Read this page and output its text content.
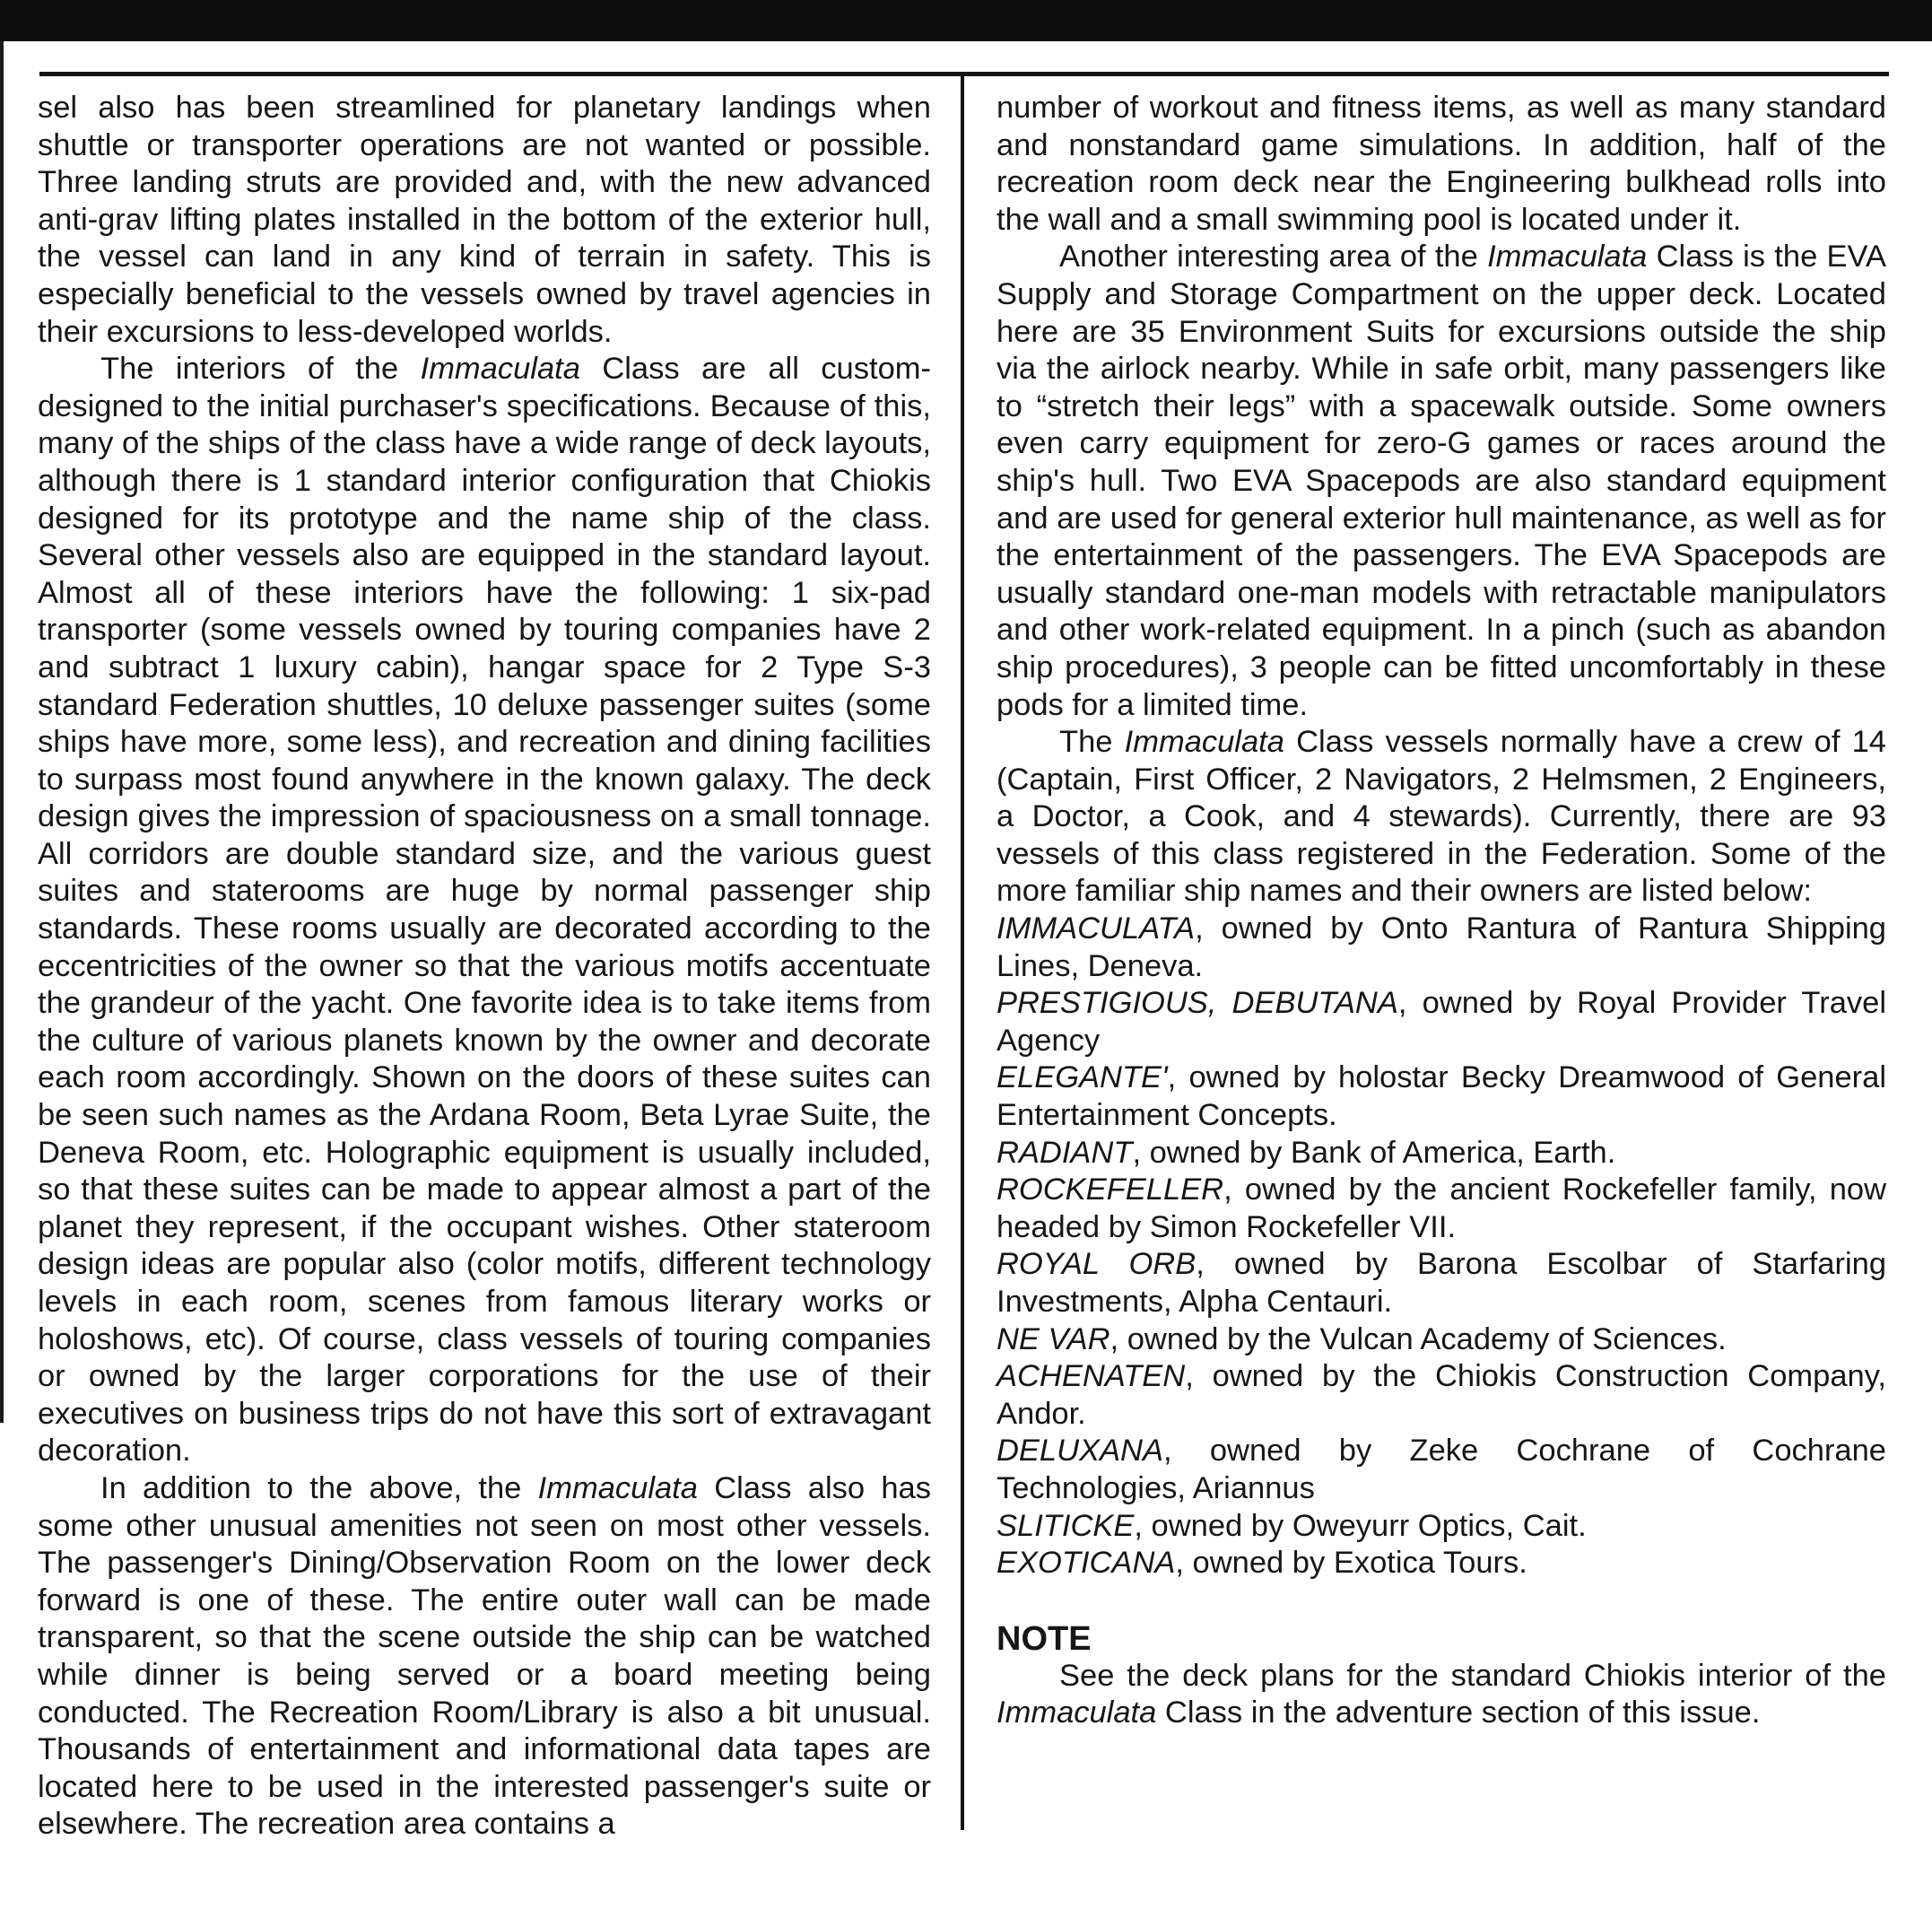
sel also has been streamlined for planetary landings when shuttle or transporter operations are not wanted or possible. Three landing struts are provided and, with the new advanced anti-grav lifting plates installed in the bottom of the exterior hull, the vessel can land in any kind of terrain in safety. This is especially beneficial to the vessels owned by travel agencies in their excursions to less-developed worlds.

The interiors of the Immaculata Class are all custom-designed to the initial purchaser's specifications. Because of this, many of the ships of the class have a wide range of deck layouts, although there is 1 standard interior configuration that Chiokis designed for its prototype and the name ship of the class. Several other vessels also are equipped in the standard layout. Almost all of these interiors have the following: 1 six-pad transporter (some vessels owned by touring companies have 2 and subtract 1 luxury cabin), hangar space for 2 Type S-3 standard Federation shuttles, 10 deluxe passenger suites (some ships have more, some less), and recreation and dining facilities to surpass most found anywhere in the known galaxy. The deck design gives the impression of spaciousness on a small tonnage. All corridors are double standard size, and the various guest suites and staterooms are huge by normal passenger ship standards. These rooms usually are decorated according to the eccentricities of the owner so that the various motifs accentuate the grandeur of the yacht. One favorite idea is to take items from the culture of various planets known by the owner and decorate each room accordingly. Shown on the doors of these suites can be seen such names as the Ardana Room, Beta Lyrae Suite, the Deneva Room, etc. Holographic equipment is usually included, so that these suites can be made to appear almost a part of the planet they represent, if the occupant wishes. Other stateroom design ideas are popular also (color motifs, different technology levels in each room, scenes from famous literary works or holoshows, etc). Of course, class vessels of touring companies or owned by the larger corporations for the use of their executives on business trips do not have this sort of extravagant decoration.

In addition to the above, the Immaculata Class also has some other unusual amenities not seen on most other vessels. The passenger's Dining/Observation Room on the lower deck forward is one of these. The entire outer wall can be made transparent, so that the scene outside the ship can be watched while dinner is being served or a board meeting being conducted. The Recreation Room/Library is also a bit unusual. Thousands of entertainment and informational data tapes are located here to be used in the interested passenger's suite or elsewhere. The recreation area contains a

number of workout and fitness items, as well as many standard and nonstandard game simulations. In addition, half of the recreation room deck near the Engineering bulkhead rolls into the wall and a small swimming pool is located under it.

Another interesting area of the Immaculata Class is the EVA Supply and Storage Compartment on the upper deck. Located here are 35 Environment Suits for excursions outside the ship via the airlock nearby. While in safe orbit, many passengers like to “stretch their legs” with a spacewalk outside. Some owners even carry equipment for zero-G games or races around the ship's hull. Two EVA Spacepods are also standard equipment and are used for general exterior hull maintenance, as well as for the entertainment of the passengers. The EVA Spacepods are usually standard one-man models with retractable manipulators and other work-related equipment. In a pinch (such as abandon ship procedures), 3 people can be fitted uncomfortably in these pods for a limited time.

The Immaculata Class vessels normally have a crew of 14 (Captain, First Officer, 2 Navigators, 2 Helmsmen, 2 Engineers, a Doctor, a Cook, and 4 stewards). Currently, there are 93 vessels of this class registered in the Federation. Some of the more familiar ship names and their owners are listed below:

IMMACULATA, owned by Onto Rantura of Rantura Shipping Lines, Deneva.

PRESTIGIOUS, DEBUTANA, owned by Royal Provider Travel Agency

ELEGANTE', owned by holostar Becky Dreamwood of General Entertainment Concepts.

RADIANT, owned by Bank of America, Earth.

ROCKEFELLER, owned by the ancient Rockefeller family, now headed by Simon Rockefeller VII.

ROYAL ORB, owned by Barona Escolbar of Starfaring Investments, Alpha Centauri.

NE VAR, owned by the Vulcan Academy of Sciences.

ACHENATEN, owned by the Chiokis Construction Company, Andor.

DELUXANA, owned by Zeke Cochrane of Cochrane Technologies, Ariannus

SLITICKE, owned by Oweyurr Optics, Cait.

EXOTICANA, owned by Exotica Tours.

NOTE

See the deck plans for the standard Chiokis interior of the Immaculata Class in the adventure section of this issue.
